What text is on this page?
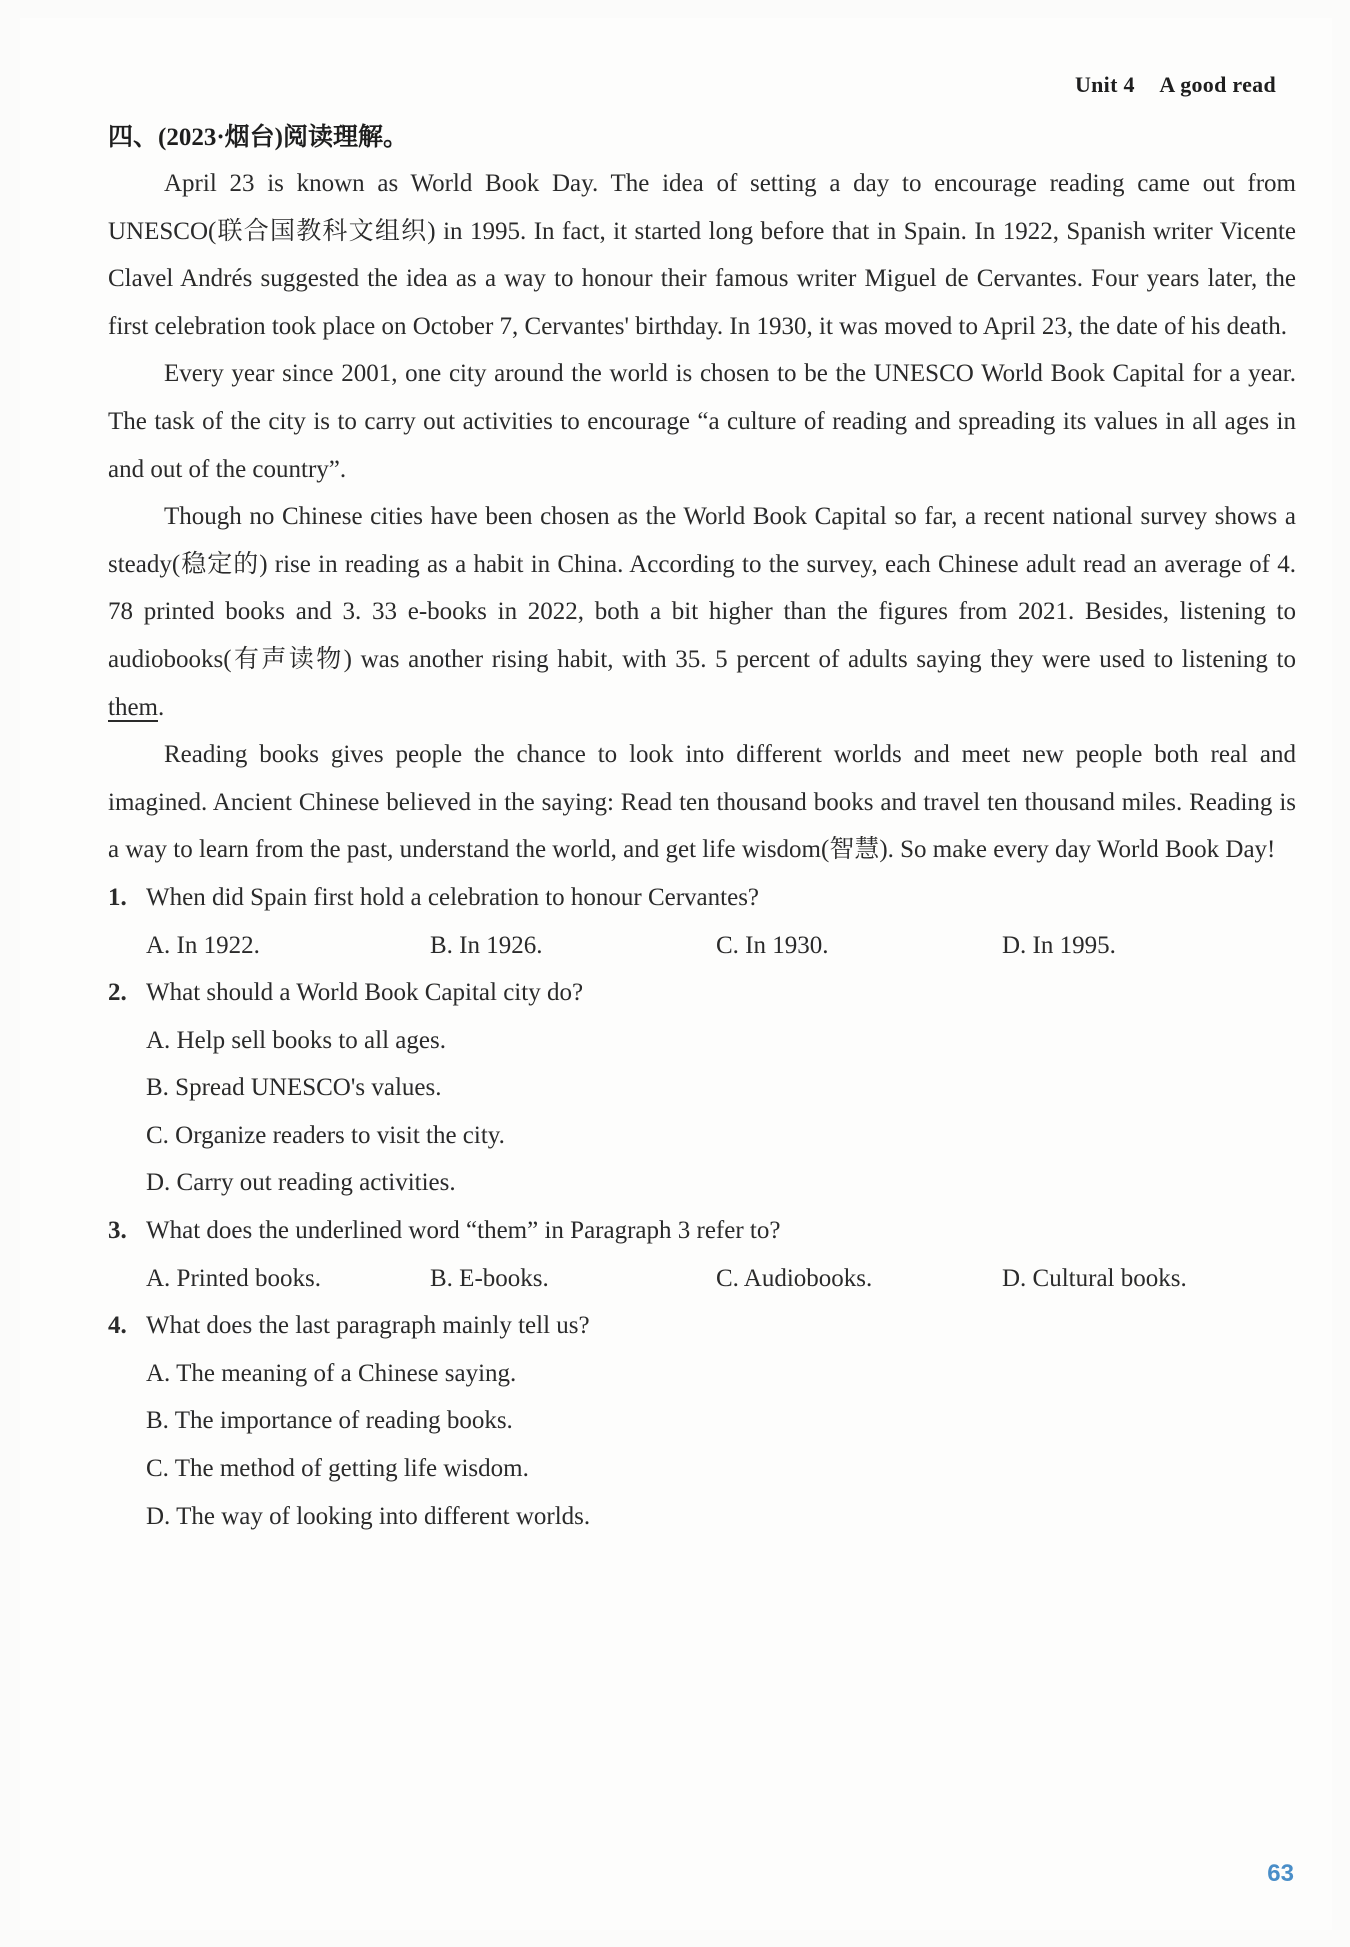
Unit 4 A good read
63
四、(2023·烟台)阅读理解。

April 23 is known as World Book Day. The idea of setting a day to encourage reading came out from UNESCO(联合国教科文组织) in 1995. In fact, it started long before that in Spain. In 1922, Spanish writer Vicente Clavel Andrés suggested the idea as a way to honour their famous writer Miguel de Cervantes. Four years later, the first celebration took place on October 7, Cervantes' birthday. In 1930, it was moved to April 23, the date of his death.

Every year since 2001, one city around the world is chosen to be the UNESCO World Book Capital for a year. The task of the city is to carry out activities to encourage “a culture of reading and spreading its values in all ages in and out of the country”.

Though no Chinese cities have been chosen as the World Book Capital so far, a recent national survey shows a steady(稳定的) rise in reading as a habit in China. According to the survey, each Chinese adult read an average of 4. 78 printed books and 3. 33 e-books in 2022, both a bit higher than the figures from 2021. Besides, listening to audiobooks(有声读物) was another rising habit, with 35. 5 percent of adults saying they were used to listening to them.

Reading books gives people the chance to look into different worlds and meet new people both real and imagined. Ancient Chinese believed in the saying: Read ten thousand books and travel ten thousand miles. Reading is a way to learn from the past, understand the world, and get life wisdom(智慧). So make every day World Book Day!

1. When did Spain first hold a celebration to honour Cervantes?
A. In 1922.	B. In 1926.	C. In 1930.	D. In 1995.
2. What should a World Book Capital city do?
A. Help sell books to all ages.
B. Spread UNESCO's values.
C. Organize readers to visit the city.
D. Carry out reading activities.
3. What does the underlined word “them” in Paragraph 3 refer to?
A. Printed books.	B. E-books.	C. Audiobooks.	D. Cultural books.
4. What does the last paragraph mainly tell us?
A. The meaning of a Chinese saying.
B. The importance of reading books.
C. The method of getting life wisdom.
D. The way of looking into different worlds.
